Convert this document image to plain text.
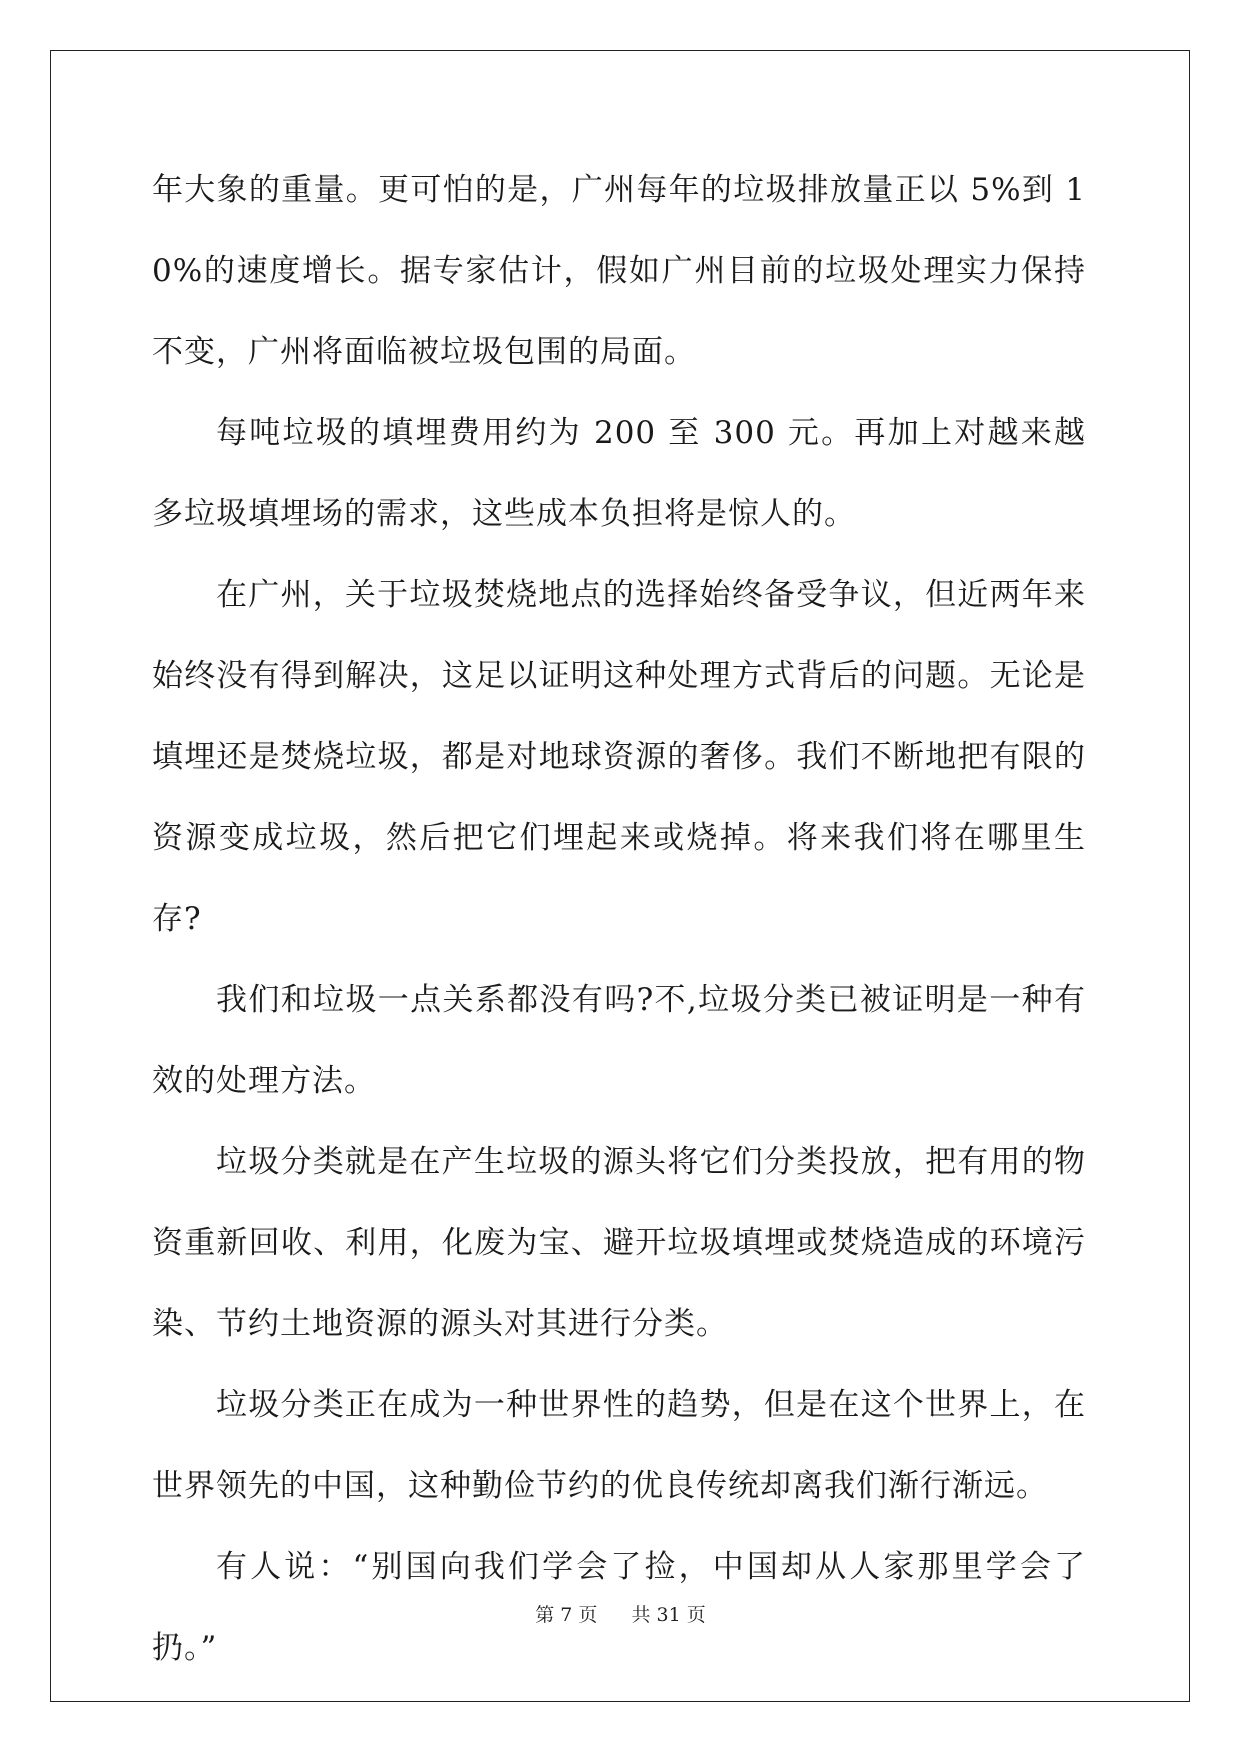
年大象的重量。更可怕的是，广州每年的垃圾排放量正以 5%到 10%的速度增长。据专家估计，假如广州目前的垃圾处理实力保持不变，广州将面临被垃圾包围的局面。

每吨垃圾的填埋费用约为 200 至 300 元。再加上对越来越多垃圾填埋场的需求，这些成本负担将是惊人的。

在广州，关于垃圾焚烧地点的选择始终备受争议，但近两年来始终没有得到解决，这足以证明这种处理方式背后的问题。无论是填埋还是焚烧垃圾，都是对地球资源的奢侈。我们不断地把有限的资源变成垃圾，然后把它们埋起来或烧掉。将来我们将在哪里生存?

我们和垃圾一点关系都没有吗?不,垃圾分类已被证明是一种有效的处理方法。

垃圾分类就是在产生垃圾的源头将它们分类投放，把有用的物资重新回收、利用，化废为宝、避开垃圾填埋或焚烧造成的环境污染、节约土地资源的源头对其进行分类。

垃圾分类正在成为一种世界性的趋势，但是在这个世界上，在世界领先的中国，这种勤俭节约的优良传统却离我们渐行渐远。

有人说：“别国向我们学会了捡，中国却从人家那里学会了扔。”

第 7 页 共 31 页
